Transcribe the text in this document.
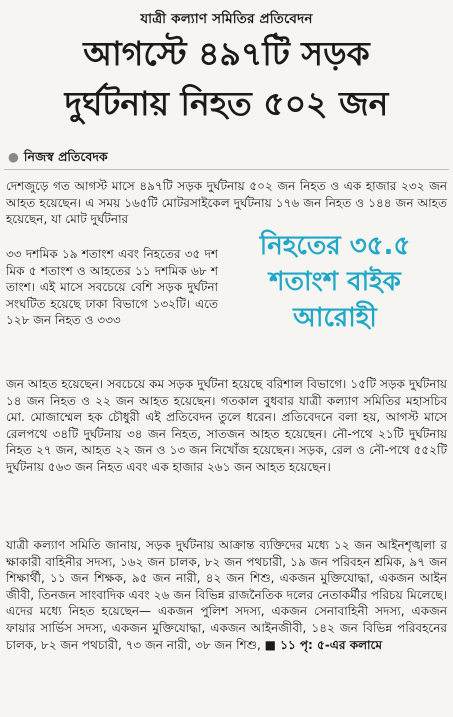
যাত্রী কল্যাণ সমিতির প্রতিবেদন
আগস্টে ৪৯৭টি সড়ক
দুর্ঘটনায় নিহত ৫০২ জন
● নিজস্ব প্রতিবেদক

দেশজুড়ে গত আগস্ট মাসে ৪৯৭টি সড়ক দুর্ঘটনায় ৫০২ জন নিহত ও এক হাজার ২৩২ জন আহত হয়েছেন। এ সময় ১৬৫টি মোটরসাইকেল দুর্ঘটনায় ১৭৬ জন নিহত ও ১৪৪ জন আহত হয়েছেন, যা মোট দুর্ঘটনার

৩৩ দশমিক ১৯ শতাংশ এবং নিহতের ৩৫ দশমিক ৫ শতাংশ ও আহতের ১১ দশমিক ৬৮ শতাংশ। এই মাসে সবচেয়ে বেশি সড়ক দুর্ঘটনা সংঘটিত হয়েছে ঢাকা বিভাগে ১৩২টি। এতে ১২৮ জন নিহত ও ৩৩৩

নিহতের ৩৫.৫
শতাংশ বাইক
আরোহী

জন আহত হয়েছেন। সবচেয়ে কম সড়ক দুর্ঘটনা হয়েছে বরিশাল বিভাগে। ১৫টি সড়ক দুর্ঘটনায় ১৪ জন নিহত ও ২২ জন আহত হয়েছেন। গতকাল বুধবার যাত্রী কল্যাণ সমিতির মহাসচিব মো. মোজাম্মেল হক চৌধুরী এই প্রতিবেদন তুলে ধরেন। প্রতিবেদনে বলা হয়, আগস্ট মাসে রেলপথে ৩৪টি দুর্ঘটনায় ৩৪ জন নিহত, সাতজন আহত হয়েছেন। নৌ-পথে ২১টি দুর্ঘটনায় নিহত ২৭ জন, আহত ২২ জন ও ১৩ জন নিখোঁজ হয়েছেন। সড়ক, রেল ও নৌ-পথে ৫৫২টি দুর্ঘটনায় ৫৬৩ জন নিহত এবং এক হাজার ২৬১ জন আহত হয়েছেন।

যাত্রী কল্যাণ সমিতি জানায়, সড়ক দুর্ঘটনায় আক্রান্ত ব্যক্তিদের মধ্যে ১২ জন আইনশৃঙ্খলা রক্ষাকারী বাহিনীর সদস্য, ১৬২ জন চালক, ৮২ জন পথচারী, ১৯ জন পরিবহন শ্রমিক, ৯৭ জন শিক্ষার্থী, ১১ জন শিক্ষক, ৯৫ জন নারী, ৪২ জন শিশু, একজন মুক্তিযোদ্ধা, একজন আইনজীবী, তিনজন সাংবাদিক এবং ২৬ জন বিভিন্ন রাজনৈতিক দলের নেতাকর্মীর পরিচয় মিলেছে। এদের মধ্যে নিহত হয়েছেন— একজন পুলিশ সদস্য, একজন সেনাবাহিনী সদস্য, একজন ফায়ার সার্ভিস সদস্য, একজন মুক্তিযোদ্ধা, একজন আইনজীবী, ১৪২ জন বিভিন্ন পরিবহনের চালক, ৮২ জন পথচারী, ৭৩ জন নারী, ৩৮ জন শিশু, ■ ১১ পৃ: ৫-এর কলামে
